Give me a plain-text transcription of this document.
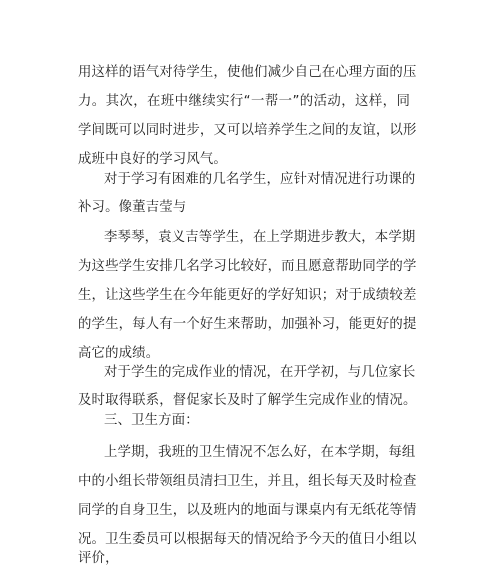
用这样的语气对待学生，使他们减少自己在心理方面的压
力。其次，在班中继续实行“一帮一”的活动，这样，同
学间既可以同时进步，又可以培养学生之间的友谊，以形
成班中良好的学习风气。
对于学习有困难的几名学生，应针对情况进行功课的
补习。像董吉莹与
李琴琴，袁义吉等学生，在上学期进步教大，本学期
为这些学生安排几名学习比较好，而且愿意帮助同学的学
生，让这些学生在今年能更好的学好知识；对于成绩较差
的学生，每人有一个好生来帮助，加强补习，能更好的提
高它的成绩。
对于学生的完成作业的情况，在开学初，与几位家长
及时取得联系，督促家长及时了解学生完成作业的情况。
三、卫生方面：
上学期，我班的卫生情况不怎么好，在本学期，每组
中的小组长带领组员清扫卫生，并且，组长每天及时检查
同学的自身卫生，以及班内的地面与课桌内有无纸花等情
况。卫生委员可以根据每天的情况给予今天的值日小组以
评价，
